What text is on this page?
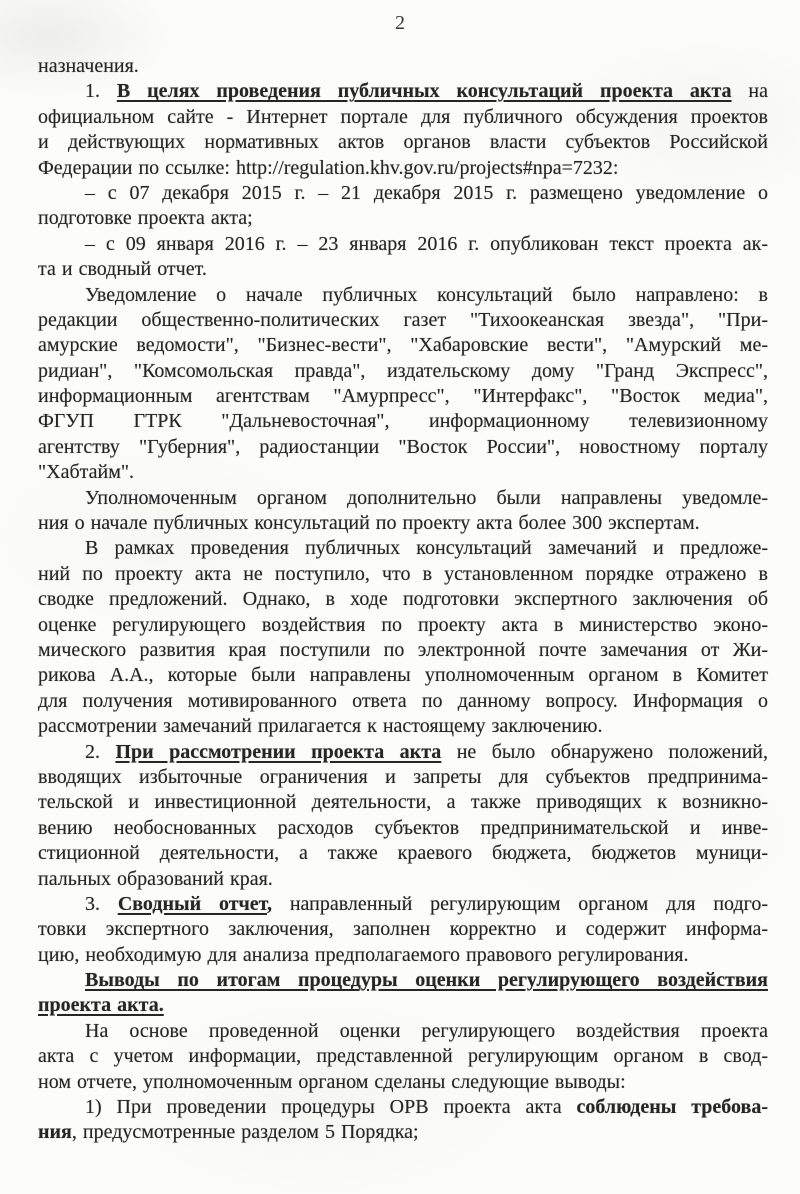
2
назначения.
1. В целях проведения публичных консультаций проекта акта на
официальном сайте - Интернет портале для публичного обсуждения проектов
и действующих нормативных актов органов власти субъектов Российской
Федерации по ссылке: http://regulation.khv.gov.ru/projects#npa=7232:
– с 07 декабря 2015 г. – 21 декабря 2015 г. размещено уведомление о
подготовке проекта акта;
– с 09 января 2016 г. – 23 января 2016 г. опубликован текст проекта ак-
та и сводный отчет.
Уведомление о начале публичных консультаций было направлено: в
редакции общественно-политических газет "Тихоокеанская звезда", "При-
амурские ведомости", "Бизнес-вести", "Хабаровские вести", "Амурский ме-
ридиан", "Комсомольская правда", издательскому дому "Гранд Экспресс",
информационным агентствам "Амурпресс", "Интерфакс", "Восток медиа",
ФГУП ГТРК "Дальневосточная", информационному телевизионному
агентству "Губерния", радиостанции "Восток России", новостному порталу
"Хабтайм".
Уполномоченным органом дополнительно были направлены уведомле-
ния о начале публичных консультаций по проекту акта более 300 экспертам.
В рамках проведения публичных консультаций замечаний и предложе-
ний по проекту акта не поступило, что в установленном порядке отражено в
сводке предложений. Однако, в ходе подготовки экспертного заключения об
оценке регулирующего воздействия по проекту акта в министерство эконо-
мического развития края поступили по электронной почте замечания от Жи-
рикова А.А., которые были направлены уполномоченным органом в Комитет
для получения мотивированного ответа по данному вопросу. Информация о
рассмотрении замечаний прилагается к настоящему заключению.
2. При рассмотрении проекта акта не было обнаружено положений,
вводящих избыточные ограничения и запреты для субъектов предпринима-
тельской и инвестиционной деятельности, а также приводящих к возникно-
вению необоснованных расходов субъектов предпринимательской и инве-
стиционной деятельности, а также краевого бюджета, бюджетов муници-
пальных образований края.
3. Сводный отчет, направленный регулирующим органом для подго-
товки экспертного заключения, заполнен корректно и содержит информа-
цию, необходимую для анализа предполагаемого правового регулирования.
Выводы по итогам процедуры оценки регулирующего воздействия
проекта акта.
На основе проведенной оценки регулирующего воздействия проекта
акта с учетом информации, представленной регулирующим органом в свод-
ном отчете, уполномоченным органом сделаны следующие выводы:
1) При проведении процедуры ОРВ проекта акта соблюдены требова-
ния, предусмотренные разделом 5 Порядка;
